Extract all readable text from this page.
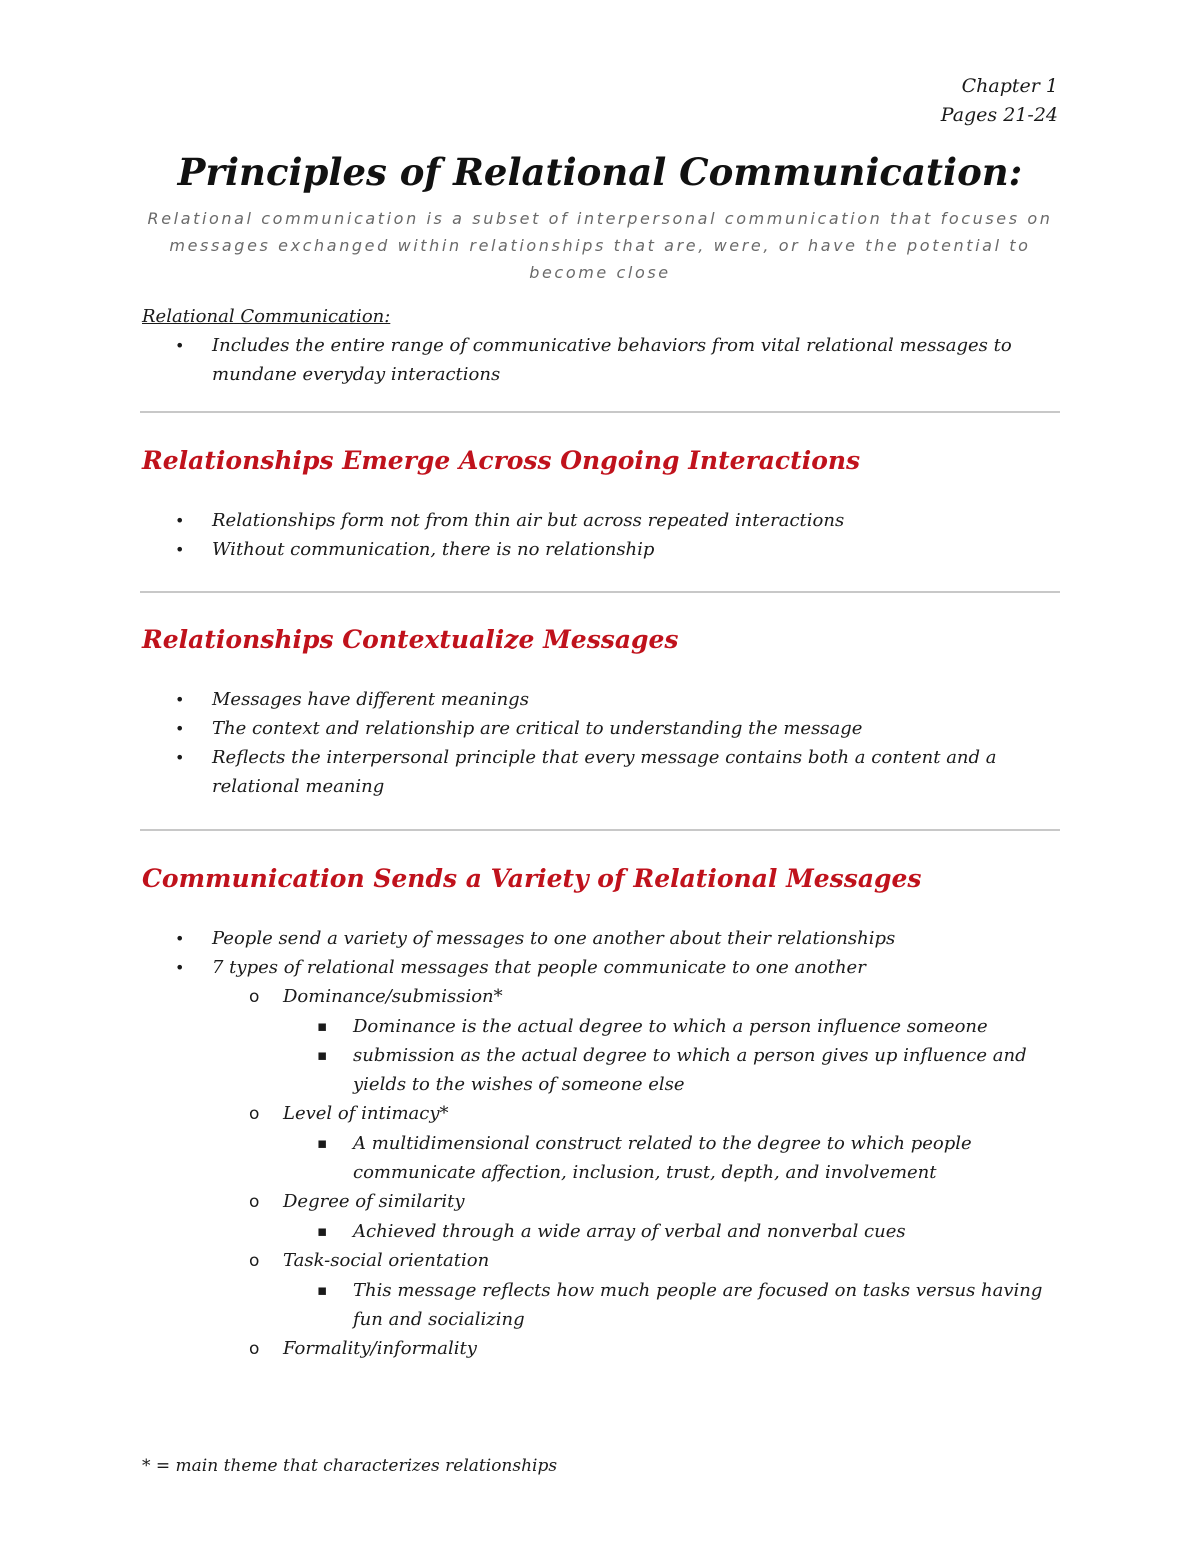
Chapter 1
Pages 21-24
Principles of Relational Communication:
Relational communication is a subset of interpersonal communication that focuses on messages exchanged within relationships that are, were, or have the potential to become close
Relational Communication:
• Includes the entire range of communicative behaviors from vital relational messages to mundane everyday interactions
Relationships Emerge Across Ongoing Interactions
• Relationships form not from thin air but across repeated interactions
• Without communication, there is no relationship
Relationships Contextualize Messages
• Messages have different meanings
• The context and relationship are critical to understanding the message
• Reflects the interpersonal principle that every message contains both a content and a relational meaning
Communication Sends a Variety of Relational Messages
• People send a variety of messages to one another about their relationships
• 7 types of relational messages that people communicate to one another
o Dominance/submission*
▪ Dominance is the actual degree to which a person influence someone
▪ submission as the actual degree to which a person gives up influence and yields to the wishes of someone else
o Level of intimacy*
▪ A multidimensional construct related to the degree to which people communicate affection, inclusion, trust, depth, and involvement
o Degree of similarity
▪ Achieved through a wide array of verbal and nonverbal cues
o Task-social orientation
▪ This message reflects how much people are focused on tasks versus having fun and socializing
o Formality/informality
* = main theme that characterizes relationships
